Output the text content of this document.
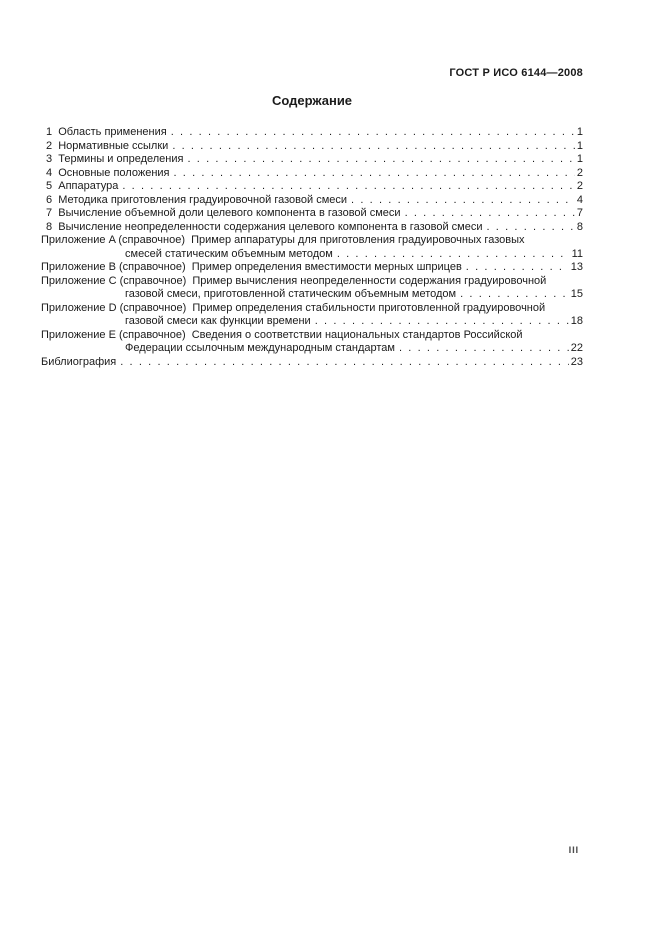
ГОСТ Р ИСО 6144—2008
Содержание
1  Область применения . . .	1
2  Нормативные ссылки . . .	1
3  Термины и определения . . .	1
4  Основные положения . . .	2
5  Аппаратура . . .	2
6  Методика приготовления градуировочной газовой смеси . . .	4
7  Вычисление объемной доли целевого компонента в газовой смеси . . .	7
8  Вычисление неопределенности содержания целевого компонента в газовой смеси . . .	8
Приложение A (справочное)  Пример аппаратуры для приготовления градуировочных газовых
смесей статическим объемным методом . . .	11
Приложение B (справочное)  Пример определения вместимости мерных шприцев . . .	13
Приложение C (справочное)  Пример вычисления неопределенности содержания градуировочной
газовой смеси, приготовленной статическим объемным методом . . .	15
Приложение D (справочное)  Пример определения стабильности приготовленной градуировочной
газовой смеси как функции времени . . .	18
Приложение E (справочное)  Сведения о соответствии национальных стандартов Российской
Федерации ссылочным международным стандартам . . .	22
Библиография . . .	23
III
